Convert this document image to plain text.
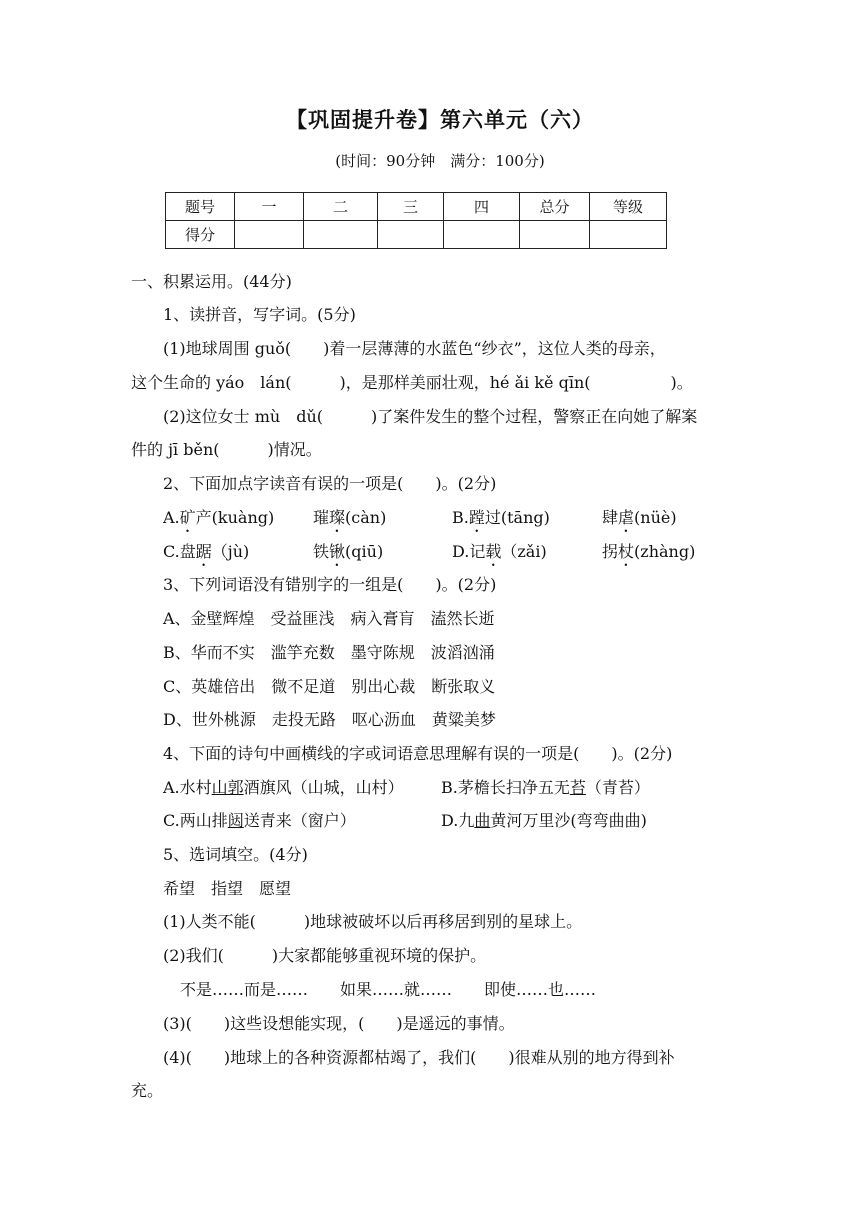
【巩固提升卷】第六单元（六）
(时间：90分钟　满分：100分)
题号	一	二	三	四	总分	等级
得分						
一、积累运用。(44分)
1、读拼音，写字词。(5分)
(1)地球周围 guǒ(　　)着一层薄薄的水蓝色“纱衣”，这位人类的母亲，
这个生命的 yáo　lán(　　　)，是那样美丽壮观，hé ǎi kě qīn(　　　　　)。
(2)这位女士 mù　dǔ(　　　)了案件发生的整个过程，警察正在向她了解案
件的 jī běn(　　　)情况。
2、下面加点字读音有误的一项是(　　)。(2分)
A.矿产(kuàng) 璀璨(càn)	B.蹚过(tāng)	肆虐(nüè)
C.盘踞（jù)	铁锹(qiū)	D.记载（zǎi)	拐杖(zhàng)
3、下列词语没有错别字的一组是(　　)。(2分)
A、金壁辉煌　受益匪浅　病入膏肓　溘然长逝
B、华而不实　滥竽充数　墨守陈规　波滔汹涌
C、英雄倍出　微不足道　别出心裁　断张取义
D、世外桃源　走投无路　呕心沥血　黄粱美梦
4、下面的诗句中画横线的字或词语意思理解有误的一项是(　　)。(2分)
A.水村山郭酒旗风（山城，山村） B.茅檐长扫净五无苔（青苔）
C.两山排闼送青来（窗户）	D.九曲黄河万里沙(弯弯曲曲)
5、选词填空。(4分)
希望　指望　愿望
(1)人类不能(　　　)地球被破坏以后再移居到别的星球上。
(2)我们(　　　)大家都能够重视环境的保护。
不是……而是……　　如果……就……　　即使……也……
(3)(　　)这些设想能实现，(　　)是遥远的事情。
(4)(　　)地球上的各种资源都枯竭了，我们(　　)很难从别的地方得到补
充。
